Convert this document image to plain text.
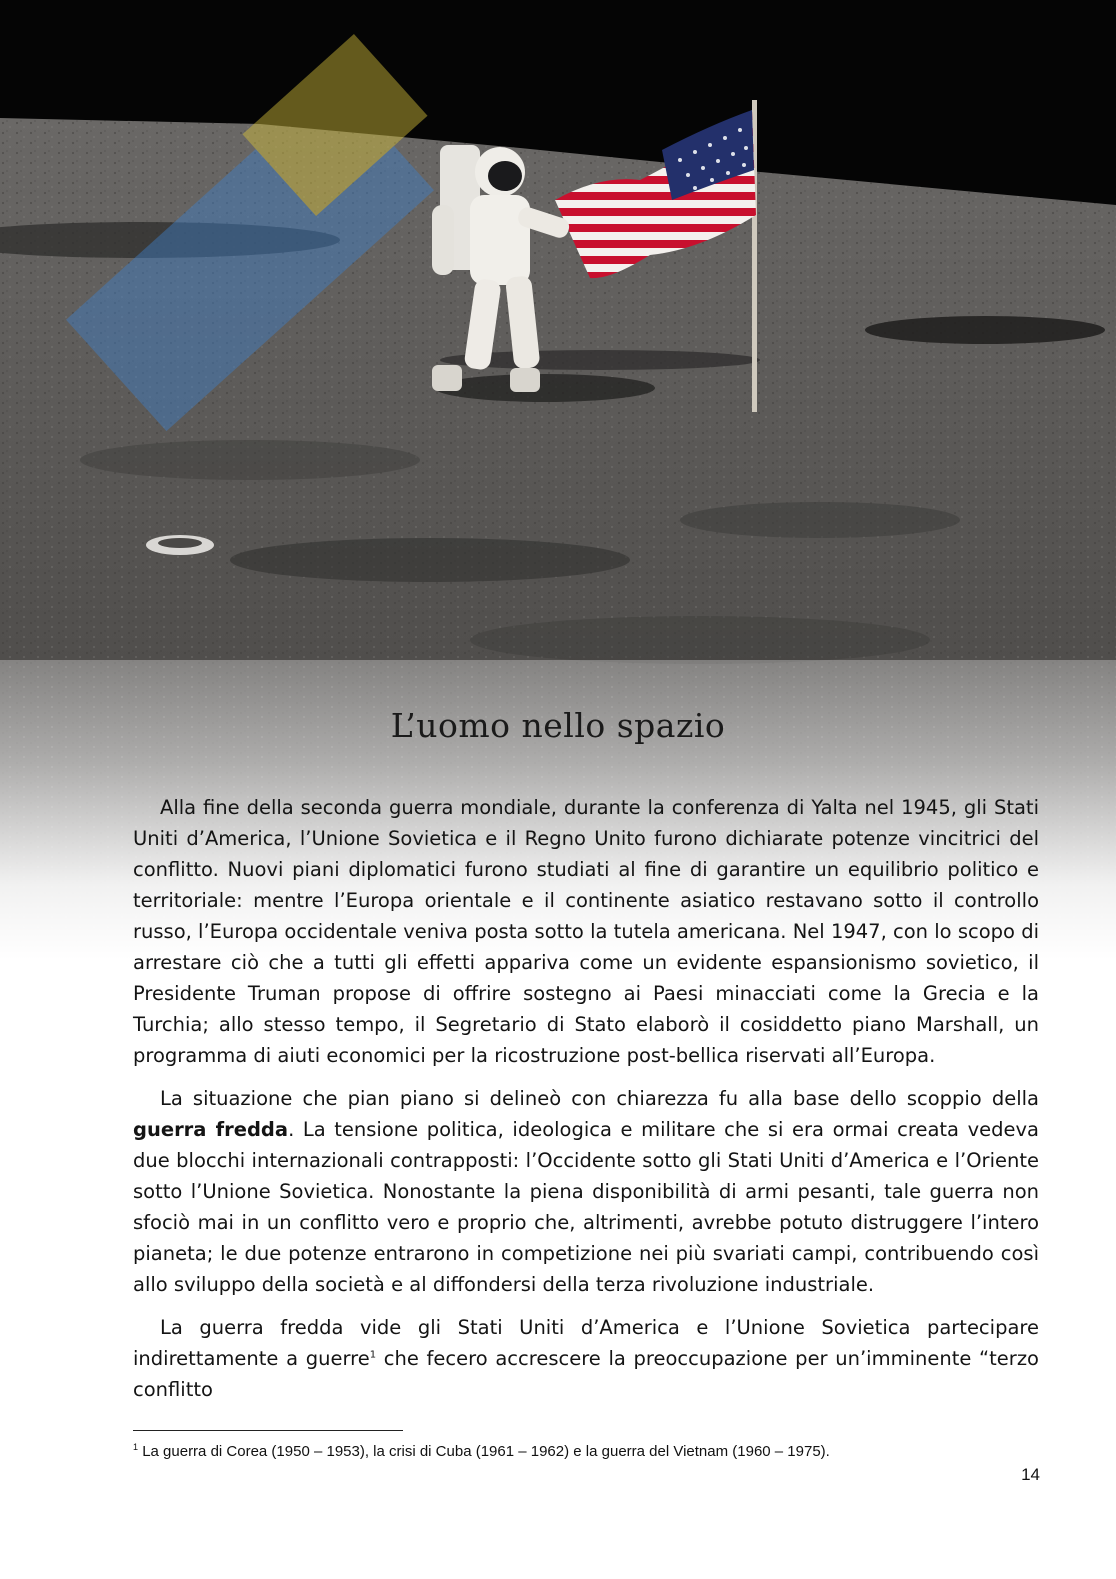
L’uomo nello spazio

Alla fine della seconda guerra mondiale, durante la conferenza di Yalta nel 1945, gli Stati Uniti d’America, l’Unione Sovietica e il Regno Unito furono dichiarate potenze vincitrici del conflitto. Nuovi piani diplomatici furono studiati al fine di garantire un equilibrio politico e territoriale: mentre l’Europa orientale e il continente asiatico restavano sotto il controllo russo, l’Europa occidentale veniva posta sotto la tutela americana. Nel 1947, con lo scopo di arrestare ciò che a tutti gli effetti appariva come un evidente espansionismo sovietico, il Presidente Truman propose di offrire sostegno ai Paesi minacciati come la Grecia e la Turchia; allo stesso tempo, il Segretario di Stato elaborò il cosiddetto piano Marshall, un programma di aiuti economici per la ricostruzione post-bellica riservati all’Europa.

La situazione che pian piano si delineò con chiarezza fu alla base dello scoppio della guerra fredda. La tensione politica, ideologica e militare che si era ormai creata vedeva due blocchi internazionali contrapposti: l’Occidente sotto gli Stati Uniti d’America e l’Oriente sotto l’Unione Sovietica. Nonostante la piena disponibilità di armi pesanti, tale guerra non sfociò mai in un conflitto vero e proprio che, altrimenti, avrebbe potuto distruggere l’intero pianeta; le due potenze entrarono in competizione nei più svariati campi, contribuendo così allo sviluppo della società e al diffondersi della terza rivoluzione industriale.

La guerra fredda vide gli Stati Uniti d’America e l’Unione Sovietica partecipare indirettamente a guerre$^1$ che fecero accrescere la preoccupazione per un’imminente “terzo conflitto

$^1$ La guerra di Corea (1950 – 1953), la crisi di Cuba (1961 – 1962) e la guerra del Vietnam (1960 – 1975).
14
